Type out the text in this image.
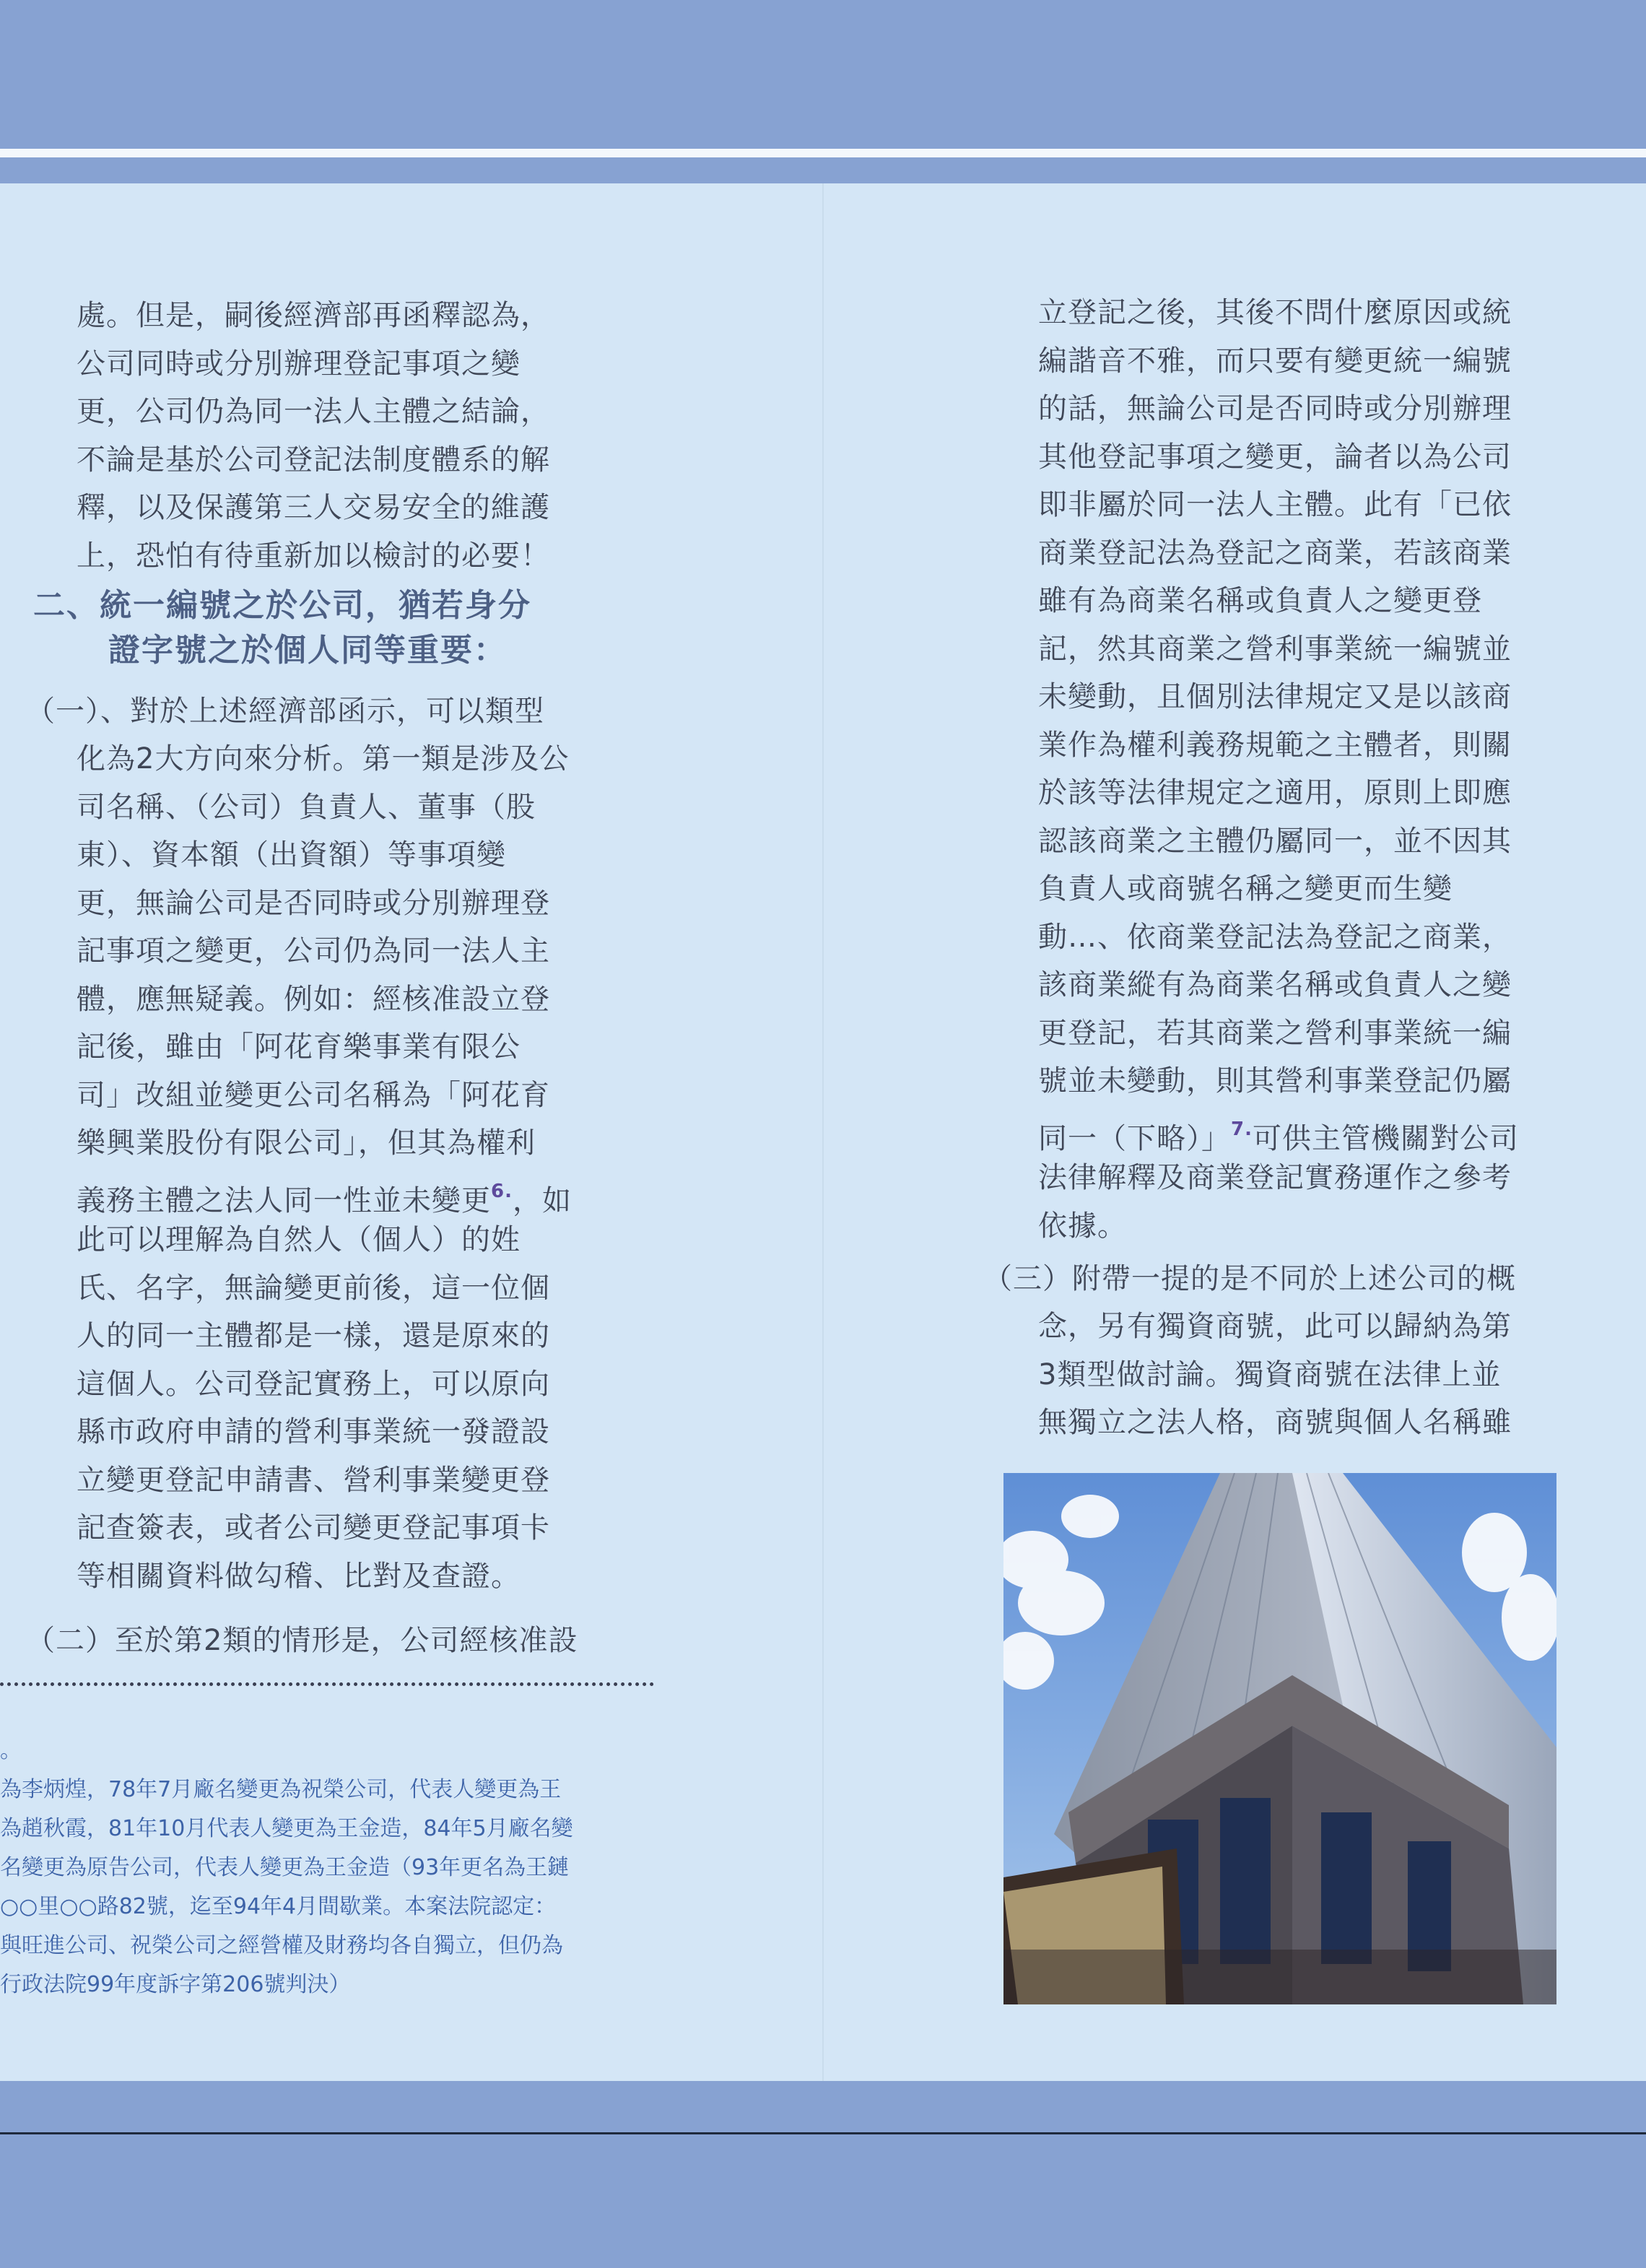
處。但是，嗣後經濟部再函釋認為，
公司同時或分別辦理登記事項之變
更，公司仍為同一法人主體之結論，
不論是基於公司登記法制度體系的解
釋，以及保護第三人交易安全的維護
上，恐怕有待重新加以檢討的必要！
二、統一編號之於公司，猶若身分
證字號之於個人同等重要：
（一）、對於上述經濟部函示，可以類型
化為2大方向來分析。第一類是涉及公
司名稱、（公司）負責人、董事（股
東）、資本額（出資額）等事項變
更，無論公司是否同時或分別辦理登
記事項之變更，公司仍為同一法人主
體，應無疑義。例如：經核准設立登
記後，雖由「阿花育樂事業有限公
司」改組並變更公司名稱為「阿花育
樂興業股份有限公司」，但其為權利
義務主體之法人同一性並未變更$^{6.}$，如
此可以理解為自然人（個人）的姓
氏、名字，無論變更前後，這一位個
人的同一主體都是一樣，還是原來的
這個人。公司登記實務上，可以原向
縣市政府申請的營利事業統一發證設
立變更登記申請書、營利事業變更登
記查簽表，或者公司變更登記事項卡
等相關資料做勾稽、比對及查證。
（二）至於第2類的情形是，公司經核准設
。
為李炳煌，78年7月廠名變更為祝榮公司，代表人變更為王
為趙秋霞，81年10月代表人變更為王金造，84年5月廠名變
名變更為原告公司，代表人變更為王金造（93年更名為王鏈
○○里○○路82號，迄至94年4月間歇業。本案法院認定：
與旺進公司、祝榮公司之經營權及財務均各自獨立，但仍為
行政法院99年度訴字第206號判決）
立登記之後，其後不問什麼原因或統
編諧音不雅，而只要有變更統一編號
的話，無論公司是否同時或分別辦理
其他登記事項之變更，論者以為公司
即非屬於同一法人主體。此有「已依
商業登記法為登記之商業，若該商業
雖有為商業名稱或負責人之變更登
記，然其商業之營利事業統一編號並
未變動，且個別法律規定又是以該商
業作為權利義務規範之主體者，則關
於該等法律規定之適用，原則上即應
認該商業之主體仍屬同一，並不因其
負責人或商號名稱之變更而生變
動…、依商業登記法為登記之商業，
該商業縱有為商業名稱或負責人之變
更登記，若其商業之營利事業統一編
號並未變動，則其營利事業登記仍屬
同一（下略）」$^{7.}$可供主管機關對公司
法律解釋及商業登記實務運作之參考
依據。
（三）附帶一提的是不同於上述公司的概
念，另有獨資商號，此可以歸納為第
3類型做討論。獨資商號在法律上並
無獨立之法人格，商號與個人名稱雖
